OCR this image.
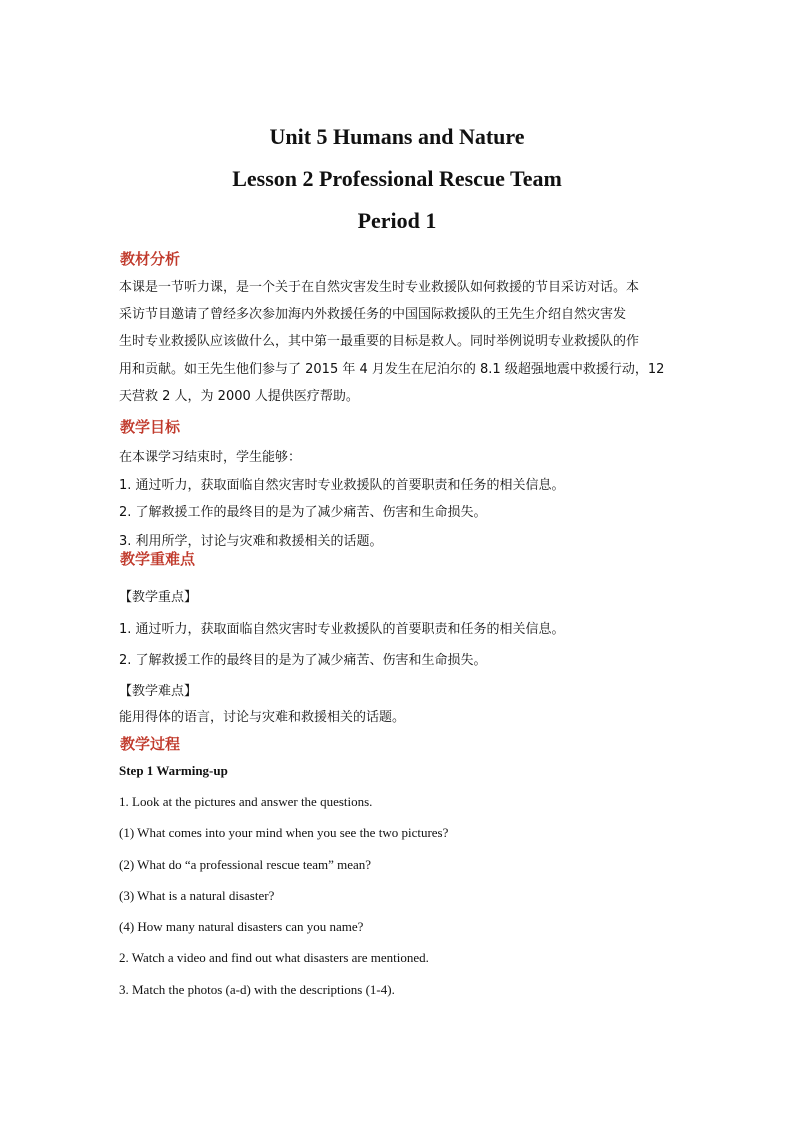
Unit 5 Humans and Nature
Lesson 2 Professional Rescue Team
Period 1
教材分析
本课是一节听力课，是一个关于在自然灾害发生时专业救援队如何救援的节目采访对话。本
采访节目邀请了曾经多次参加海内外救援任务的中国国际救援队的王先生介绍自然灾害发
生时专业救援队应该做什么，其中第一最重要的目标是救人。同时举例说明专业救援队的作
用和贡献。如王先生他们参与了 2015 年 4 月发生在尼泊尔的 8.1 级超强地震中救援行动，12
天营救 2 人，为 2000 人提供医疗帮助。
教学目标
在本课学习结束时，学生能够：
1. 通过听力，获取面临自然灾害时专业救援队的首要职责和任务的相关信息。
2. 了解救援工作的最终目的是为了减少痛苦、伤害和生命损失。
3. 利用所学，讨论与灾难和救援相关的话题。
教学重难点
【教学重点】
1. 通过听力，获取面临自然灾害时专业救援队的首要职责和任务的相关信息。
2. 了解救援工作的最终目的是为了减少痛苦、伤害和生命损失。
【教学难点】
能用得体的语言，讨论与灾难和救援相关的话题。
教学过程
Step 1 Warming-up
1. Look at the pictures and answer the questions.
(1) What comes into your mind when you see the two pictures?
(2) What do “a professional rescue team” mean?
(3) What is a natural disaster?
(4) How many natural disasters can you name?
2. Watch a video and find out what disasters are mentioned.
3. Match the photos (a-d) with the descriptions (1-4).
